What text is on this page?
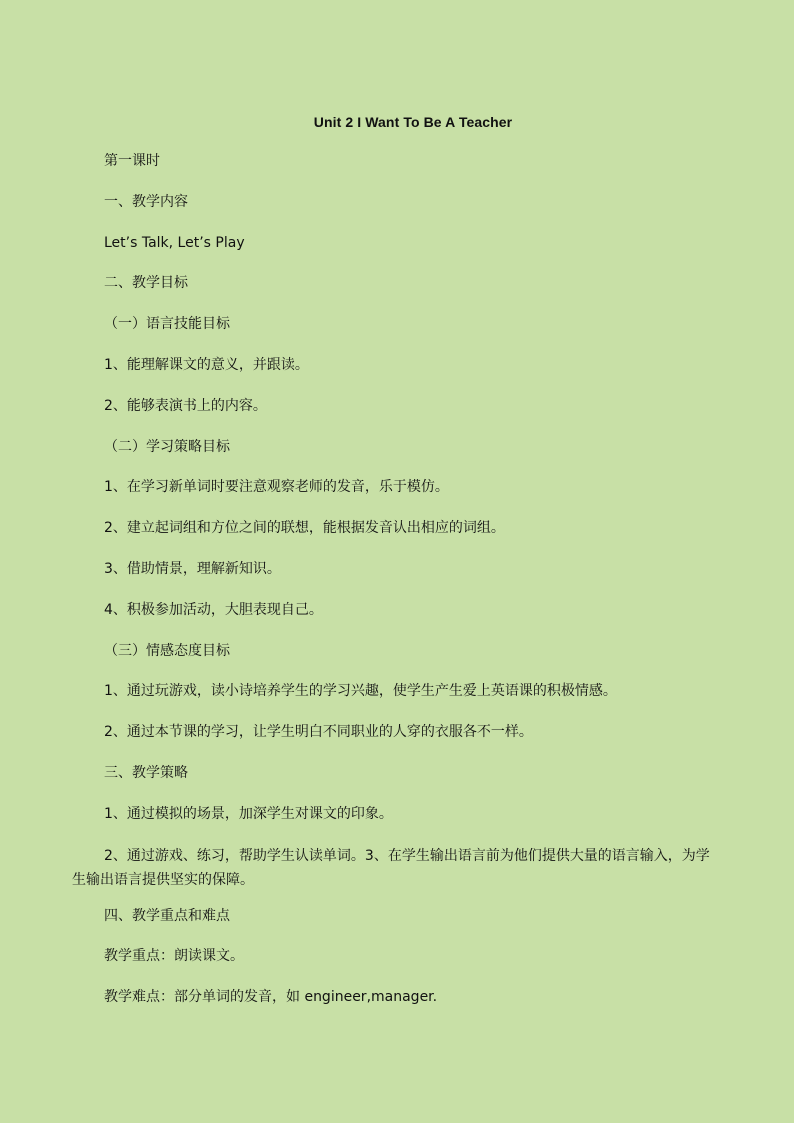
Unit 2 I Want To Be A Teacher

第一课时

一、教学内容

Let’s Talk, Let’s Play

二、教学目标

（一）语言技能目标

1、能理解课文的意义，并跟读。

2、能够表演书上的内容。

（二）学习策略目标

1、在学习新单词时要注意观察老师的发音，乐于模仿。

2、建立起词组和方位之间的联想，能根据发音认出相应的词组。

3、借助情景，理解新知识。

4、积极参加活动，大胆表现自己。

（三）情感态度目标

1、通过玩游戏，读小诗培养学生的学习兴趣，使学生产生爱上英语课的积极情感。

2、通过本节课的学习，让学生明白不同职业的人穿的衣服各不一样。

三、教学策略

1、通过模拟的场景，加深学生对课文的印象。

2、通过游戏、练习，帮助学生认读单词。3、在学生输出语言前为他们提供大量的语言输入，为学生输出语言提供坚实的保障。

四、教学重点和难点

教学重点：朗读课文。

教学难点：部分单词的发音，如 engineer,manager.
